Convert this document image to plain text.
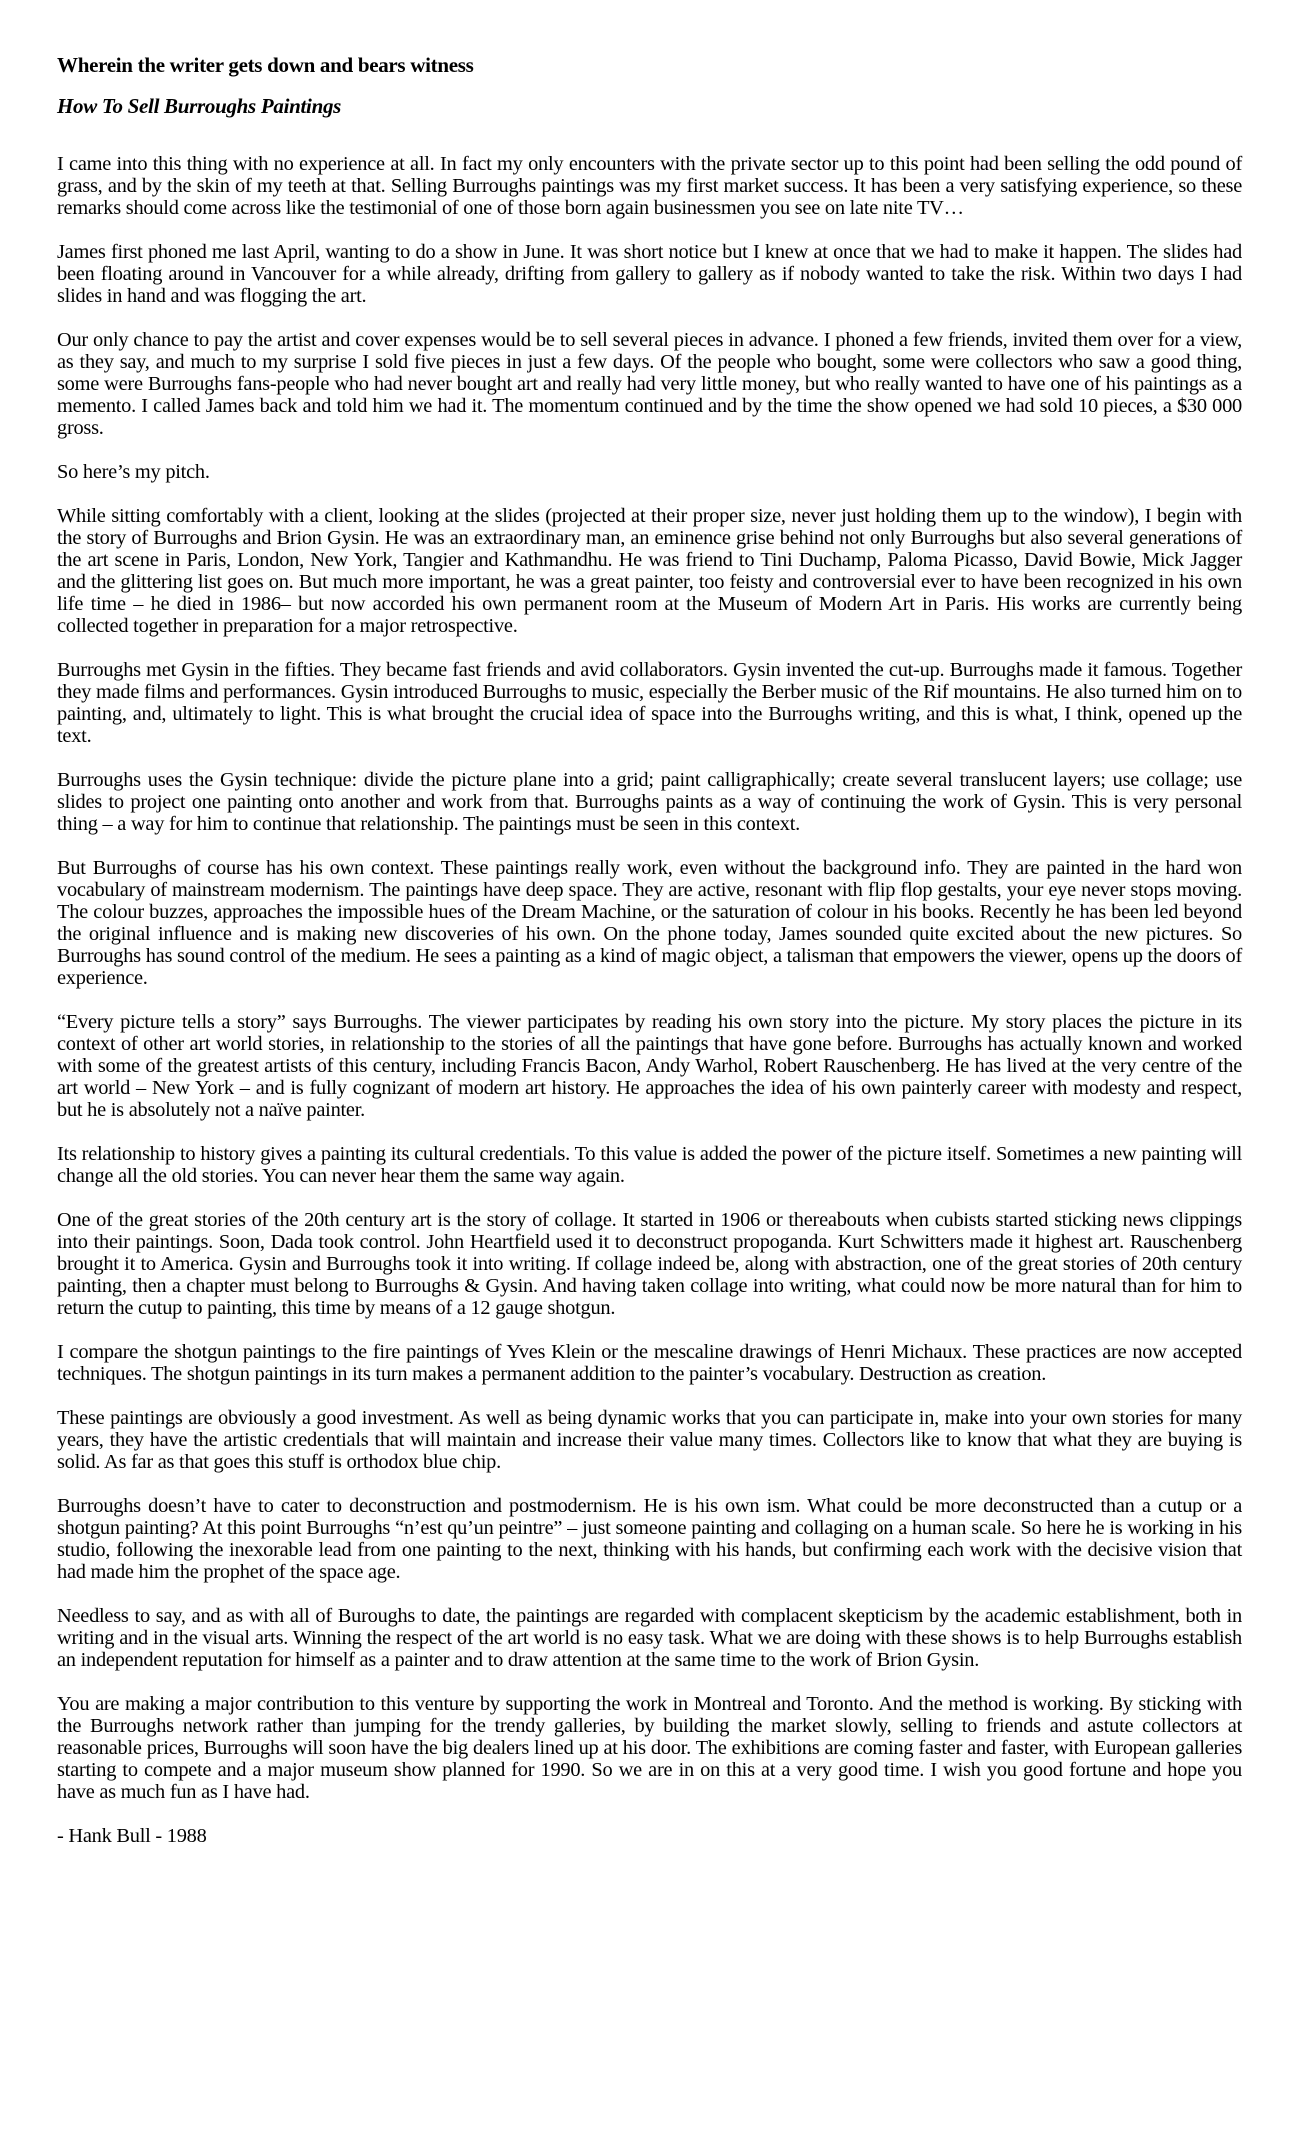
Wherein the writer gets down and bears witness
How To Sell Burroughs Paintings

I came into this thing with no experience at all. In fact my only encounters with the private sector up to this point had been selling the odd pound of grass, and by the skin of my teeth at that. Selling Burroughs paintings was my first market success. It has been a very satisfying experience, so these remarks should come across like the testimonial of one of those born again businessmen you see on late nite TV…

James first phoned me last April, wanting to do a show in June. It was short notice but I knew at once that we had to make it happen. The slides had been floating around in Vancouver for a while already, drifting from gallery to gallery as if nobody wanted to take the risk. Within two days I had slides in hand and was flogging the art.

Our only chance to pay the artist and cover expenses would be to sell several pieces in advance. I phoned a few friends, invited them over for a view, as they say, and much to my surprise I sold five pieces in just a few days. Of the people who bought, some were collectors who saw a good thing, some were Burroughs fans-people who had never bought art and really had very little money, but who really wanted to have one of his paintings as a memento. I called James back and told him we had it. The momentum continued and by the time the show opened we had sold 10 pieces, a $30 000 gross.

So here’s my pitch.

While sitting comfortably with a client, looking at the slides (projected at their proper size, never just holding them up to the window), I begin with the story of Burroughs and Brion Gysin. He was an extraordinary man, an eminence grise behind not only Burroughs but also several generations of the art scene in Paris, London, New York, Tangier and Kathmandhu. He was friend to Tini Duchamp, Paloma Picasso, David Bowie, Mick Jagger and the glittering list goes on. But much more important, he was a great painter, too feisty and controversial ever to have been recognized in his own life time – he died in 1986– but now accorded his own permanent room at the Museum of Modern Art in Paris. His works are currently being collected together in preparation for a major retrospective.

Burroughs met Gysin in the fifties. They became fast friends and avid collaborators. Gysin invented the cut-up. Burroughs made it famous. Together they made films and performances. Gysin introduced Burroughs to music, especially the Berber music of the Rif mountains. He also turned him on to painting, and, ultimately to light. This is what brought the crucial idea of space into the Burroughs writing, and this is what, I think, opened up the text.

Burroughs uses the Gysin technique: divide the picture plane into a grid; paint calligraphically; create several translucent layers; use collage; use slides to project one painting onto another and work from that. Burroughs paints as a way of continuing the work of Gysin. This is very personal thing – a way for him to continue that relationship. The paintings must be seen in this context.

But Burroughs of course has his own context. These paintings really work, even without the background info. They are painted in the hard won vocabulary of mainstream modernism. The paintings have deep space. They are active, resonant with flip flop gestalts, your eye never stops moving. The colour buzzes, approaches the impossible hues of the Dream Machine, or the saturation of colour in his books. Recently he has been led beyond the original influence and is making new discoveries of his own. On the phone today, James sounded quite excited about the new pictures. So Burroughs has sound control of the medium. He sees a painting as a kind of magic object, a talisman that empowers the viewer, opens up the doors of experience.

“Every picture tells a story” says Burroughs. The viewer participates by reading his own story into the picture. My story places the picture in its context of other art world stories, in relationship to the stories of all the paintings that have gone before. Burroughs has actually known and worked with some of the greatest artists of this century, including Francis Bacon, Andy Warhol, Robert Rauschenberg. He has lived at the very centre of the art world – New York – and is fully cognizant of modern art history. He approaches the idea of his own painterly career with modesty and respect, but he is absolutely not a naïve painter.

Its relationship to history gives a painting its cultural credentials. To this value is added the power of the picture itself. Sometimes a new painting will change all the old stories. You can never hear them the same way again.

One of the great stories of the 20th century art is the story of collage. It started in 1906 or thereabouts when cubists started sticking news clippings into their paintings. Soon, Dada took control. John Heartfield used it to deconstruct propoganda. Kurt Schwitters made it highest art. Rauschenberg brought it to America. Gysin and Burroughs took it into writing. If collage indeed be, along with abstraction, one of the great stories of 20th century painting, then a chapter must belong to Burroughs & Gysin. And having taken collage into writing, what could now be more natural than for him to return the cutup to painting, this time by means of a 12 gauge shotgun.

I compare the shotgun paintings to the fire paintings of Yves Klein or the mescaline drawings of Henri Michaux. These practices are now accepted techniques. The shotgun paintings in its turn makes a permanent addition to the painter’s vocabulary. Destruction as creation.

These paintings are obviously a good investment. As well as being dynamic works that you can participate in, make into your own stories for many years, they have the artistic credentials that will maintain and increase their value many times. Collectors like to know that what they are buying is solid. As far as that goes this stuff is orthodox blue chip.

Burroughs doesn’t have to cater to deconstruction and postmodernism. He is his own ism. What could be more deconstructed than a cutup or a shotgun painting? At this point Burroughs “n’est qu’un peintre” – just someone painting and collaging on a human scale. So here he is working in his studio, following the inexorable lead from one painting to the next, thinking with his hands, but confirming each work with the decisive vision that had made him the prophet of the space age.

Needless to say, and as with all of Buroughs to date, the paintings are regarded with complacent skepticism by the academic establishment, both in writing and in the visual arts. Winning the respect of the art world is no easy task. What we are doing with these shows is to help Burroughs establish an independent reputation for himself as a painter and to draw attention at the same time to the work of Brion Gysin.

You are making a major contribution to this venture by supporting the work in Montreal and Toronto. And the method is working. By sticking with the Burroughs network rather than jumping for the trendy galleries, by building the market slowly, selling to friends and astute collectors at reasonable prices, Burroughs will soon have the big dealers lined up at his door. The exhibitions are coming faster and faster, with European galleries starting to compete and a major museum show planned for 1990. So we are in on this at a very good time. I wish you good fortune and hope you have as much fun as I have had.

- Hank Bull - 1988
